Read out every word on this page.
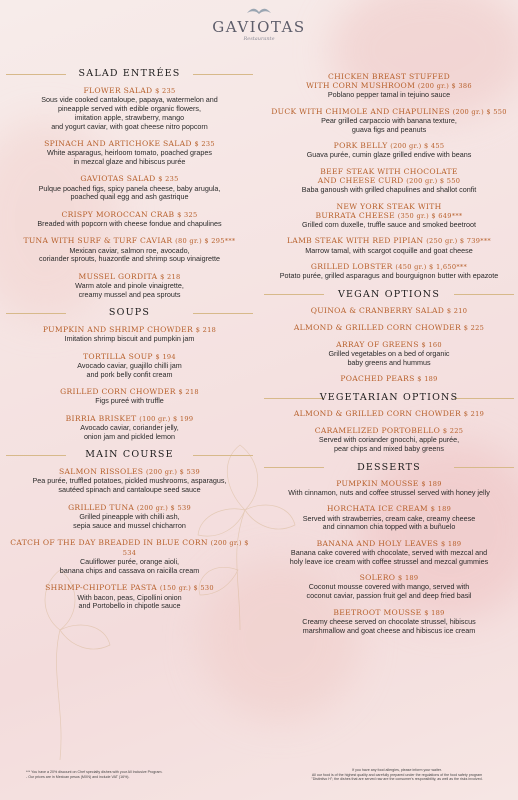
GAVIOTAS
Restaurante
SALAD ENTRÉES
FLOWER SALAD $ 235
Sous vide cooked cantaloupe, papaya, watermelon and
pineapple served with edible organic flowers,
imitation apple, strawberry, mango
and yogurt caviar, with goat cheese nitro popcorn
SPINACH AND ARTICHOKE SALAD $ 235
White asparagus, heirloom tomato, poached grapes
in mezcal glaze and hibiscus purée
GAVIOTAS SALAD $ 235
Pulque poached figs, spicy panela cheese, baby arugula,
poached quail egg and ash gastrique
CRISPY MOROCCAN CRAB $ 325
Breaded with popcorn with cheese fondue and chapulines
TUNA WITH SURF & TURF CAVIAR (80 gr.) $ 295***
Mexican caviar, salmon roe, avocado,
coriander sprouts, huazontle and shrimp soup vinaigrette
MUSSEL GORDITA $ 218
Warm atole and pinole vinaigrette,
creamy mussel and pea sprouts
SOUPS
PUMPKIN AND SHRIMP CHOWDER $ 218
Imitation shrimp biscuit and pumpkin jam
TORTILLA SOUP $ 194
Avocado caviar, guajillo chilli jam
and pork belly confit cream
GRILLED CORN CHOWDER $ 218
Figs pureé with truffle
BIRRIA BRISKET (100 gr.) $ 199
Avocado caviar, coriander jelly,
onion jam and pickled lemon
MAIN COURSE
SALMON RISSOLES (200 gr.) $ 539
Pea purée, truffled potatoes, pickled mushrooms, asparagus,
sautéed spinach and cantaloupe seed sauce
GRILLED TUNA (200 gr.) $ 539
Grilled pineapple with chilli ash,
sepia sauce and mussel chicharron
CATCH OF THE DAY BREADED IN BLUE CORN (200 gr.) $ 534
Cauliflower purée, orange aioli,
banana chips and cassava on raicilla cream
SHRIMP-CHIPOTLE PASTA (150 gr.) $ 530
With bacon, peas, Cipollini onion
and Portobello in chipotle sauce
CHICKEN BREAST STUFFED
WITH CORN MUSHROOM (200 gr.) $ 386
Poblano pepper tamal in tejuino sauce
DUCK WITH CHIMOLE AND CHAPULINES (200 gr.) $ 550
Pear grilled carpaccio with banana texture,
guava figs and peanuts
PORK BELLY (200 gr.) $ 455
Guava purée, cumin glaze grilled endive with beans
BEEF STEAK WITH CHOCOLATE
AND CHEESE CURD (200 gr.) $ 550
Baba ganoush with grilled chapulines and shallot confit
NEW YORK STEAK WITH
BURRATA CHEESE (350 gr.) $ 649***
Grilled corn duxelle, truffle sauce and smoked beetroot
LAMB STEAK WITH RED PIPIAN (250 gr.) $ 739***
Marrow tamal, with scargot coquille and goat cheese
GRILLED LOBSTER (450 gr.) $ 1,650***
Potato purée, grilled asparagus and bourguignon butter with epazote
VEGAN OPTIONS
QUINOA & CRANBERRY SALAD $ 210
ALMOND & GRILLED CORN CHOWDER $ 225
ARRAY OF GREENS $ 160
Grilled vegetables on a bed of organic
baby greens and hummus
POACHED PEARS $ 189
VEGETARIAN OPTIONS
ALMOND & GRILLED CORN CHOWDER $ 219
CARAMELIZED PORTOBELLO $ 225
Served with coriander gnocchi, apple purée,
pear chips and mixed baby greens
DESSERTS
PUMPKIN MOUSSE $ 189
With cinnamon, nuts and coffee strussel served with honey jelly
HORCHATA ICE CREAM $ 189
Served with strawberries, cream cake, creamy cheese
and cinnamon chia topped with a buñuelo
BANANA AND HOLY LEAVES $ 189
Banana cake covered with chocolate, served with mezcal and
holy leave ice cream with coffee strussel and mezcal gummies
SOLERO $ 189
Coconut mousse covered with mango, served with
coconut caviar, passion fruit gel and deep fried basil
BEETROOT MOUSSE $ 189
Creamy cheese served on chocolate strussel, hibiscus
marshmallow and goat cheese and hibiscus ice cream
*** You have a 20% discount on Chef specialty dishes with your All Inclusive Program.
- Our prices are in Mexican pesos (MXN) and include VAT (16%).
If you have any food allergies, please inform your waiter.
All our food is of the highest quality and carefully prepared under the regulations of the food safety program
"Distintivo H"; the dishes that are served raw are the consumer's responsibility, as well as the risks involved.
